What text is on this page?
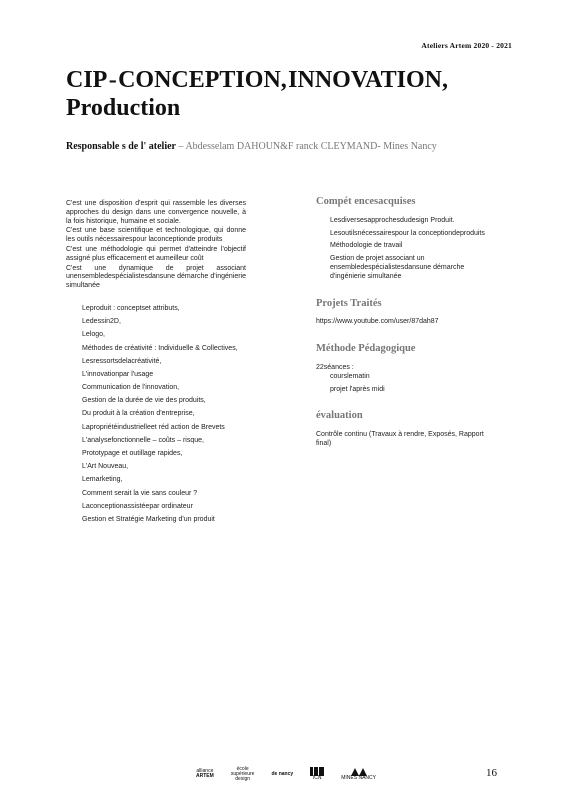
Ateliers Artem 2020 - 2021
CIP - CONCEPTION, INNOVATION,
Production
Responsable s de l' atelier – Abdesselam DAHOUN&F ranck CLEYMAND- Mines Nancy

C'est une disposition d'esprit qui rassemble les diverses approches du design dans une convergence nouvelle, à la fois historique, humaine et sociale.

C'est une base scientifique et technologique, qui donne les outils nécessairespour laconceptionde produits

C'est une méthodologie qui permet d'atteindre l'objectif assigné plus efficacement et aumeilleur coût

C'est une dynamique de projet associant unensembledespécialistesdansune démarche d'ingénierie simultanée

Leproduit : conceptset attributs,
Ledessin2D,
Lelogo,
Méthodes de créativité : Individuelle & Collectives,
Lesressortsdelacréativité,
L'innovationpar l'usage
Communication de l'innovation,
Gestion de la durée de vie des produits,
Du produit à la création d'entreprise,
Lapropriétéindustrielleet réd action de Brevets
L'analysefonctionnelle – coûts – risque,
Prototypage et outillage rapides,
L'Art Nouveau,
Lemarketing,
Comment serait la vie sans couleur ?
Laconceptionassistéepar ordinateur
Gestion et Stratégie Marketing d'un produit
Compét encesacquises
Lesdiversesapprochesdudesign Produit.
Lesoutilsnécessairespour la conceptiondeproduits
Méthodologie de travail
Gestion de projet associant un ensembledespécialistesdansune démarche d'ingénierie simultanée
Projets Traités

https://www.youtube.com/user/87dah87

Méthode Pédagogique

22séances :

courslematin
projet l'après midi
évaluation

Contrôle continu (Travaux à rendre, Exposés, Rapport final)

alliance
ARTEM
école
supérieure
design
de nancy
ICN	MINES NANCY	16
